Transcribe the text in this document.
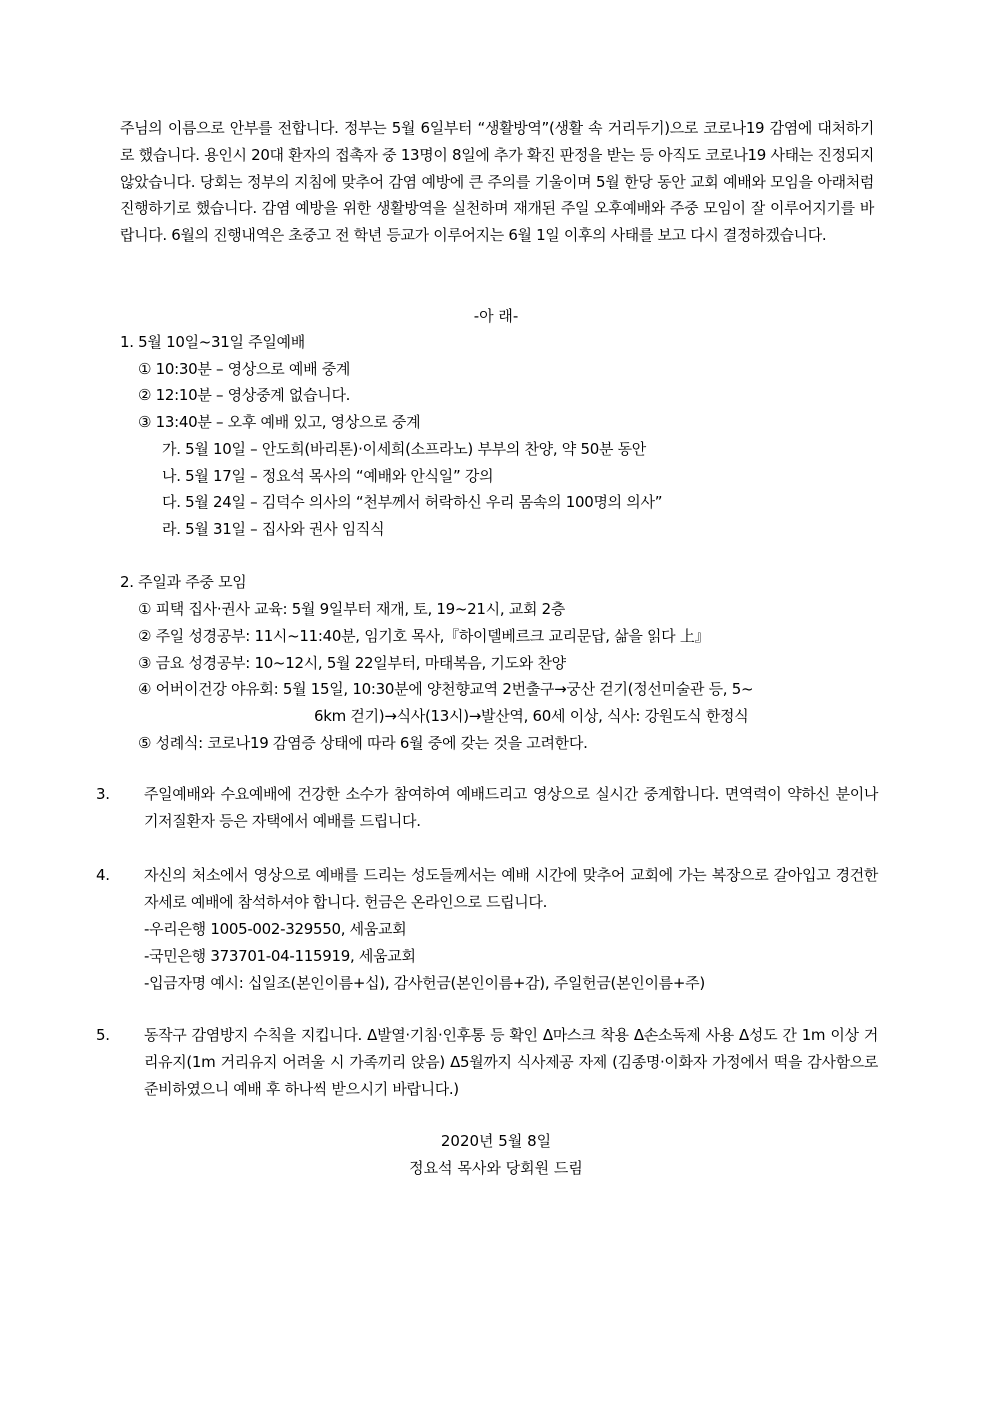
주님의 이름으로 안부를 전합니다. 정부는 5월 6일부터 “생활방역”(생활 속 거리두기)으로 코로나19 감염에 대처하기로 했습니다. 용인시 20대 환자의 접촉자 중 13명이 8일에 추가 확진 판정을 받는 등 아직도 코로나19 사태는 진정되지 않았습니다. 당회는 정부의 지침에 맞추어 감염 예방에 큰 주의를 기울이며 5월 한당 동안 교회 예배와 모임을 아래처럼 진행하기로 했습니다. 감염 예방을 위한 생활방역을 실천하며 재개된 주일 오후예배와 주중 모임이 잘 이루어지기를 바랍니다. 6월의 진행내역은 초중고 전 학년 등교가 이루어지는 6월 1일 이후의 사태를 보고 다시 결정하겠습니다.
-아 래-
1. 5월 10일~31일 주일예배
① 10:30분 – 영상으로 예배 중계
② 12:10분 – 영상중계 없습니다.
③ 13:40분 – 오후 예배 있고, 영상으로 중계
가. 5월 10일 – 안도희(바리톤)·이세희(소프라노) 부부의 찬양, 약 50분 동안
나. 5월 17일 – 정요석 목사의 “예배와 안식일” 강의
다. 5월 24일 – 김덕수 의사의 “천부께서 허락하신 우리 몸속의 100명의 의사”
라. 5월 31일 – 집사와 권사 임직식
2. 주일과 주중 모임
① 피택 집사·권사 교육: 5월 9일부터 재개, 토, 19~21시, 교회 2층
② 주일 성경공부: 11시~11:40분, 임기호 목사,『하이델베르크 교리문답, 삶을 읽다 上』
③ 금요 성경공부: 10~12시, 5월 22일부터, 마태복음, 기도와 찬양
④ 어버이건강 야유회: 5월 15일, 10:30분에 양천향교역 2번출구→궁산 걷기(정선미술관 등, 5~
6km 걷기)→식사(13시)→발산역, 60세 이상, 식사: 강원도식 한정식
⑤ 성례식: 코로나19 감염증 상태에 따라 6월 중에 갖는 것을 고려한다.
3. 주일예배와 수요예배에 건강한 소수가 참여하여 예배드리고 영상으로 실시간 중계합니다. 면역력이 약하신 분이나 기저질환자 등은 자택에서 예배를 드립니다.
4. 자신의 처소에서 영상으로 예배를 드리는 성도들께서는 예배 시간에 맞추어 교회에 가는 복장으로 갈아입고 경건한 자세로 예배에 참석하셔야 합니다. 헌금은 온라인으로 드립니다.
-우리은행 1005-002-329550, 세움교회
-국민은행 373701-04-115919, 세움교회
-입금자명 예시: 십일조(본인이름+십), 감사헌금(본인이름+감), 주일헌금(본인이름+주)
5. 동작구 감염방지 수칙을 지킵니다. Δ발열·기침·인후통 등 확인 Δ마스크 착용 Δ손소독제 사용 Δ성도 간 1m 이상 거리유지(1m 거리유지 어려울 시 가족끼리 앉음) Δ5월까지 식사제공 자제 (김종명·이화자 가정에서 떡을 감사함으로 준비하였으니 예배 후 하나씩 받으시기 바랍니다.)
2020년 5월 8일
정요석 목사와 당회원 드림
